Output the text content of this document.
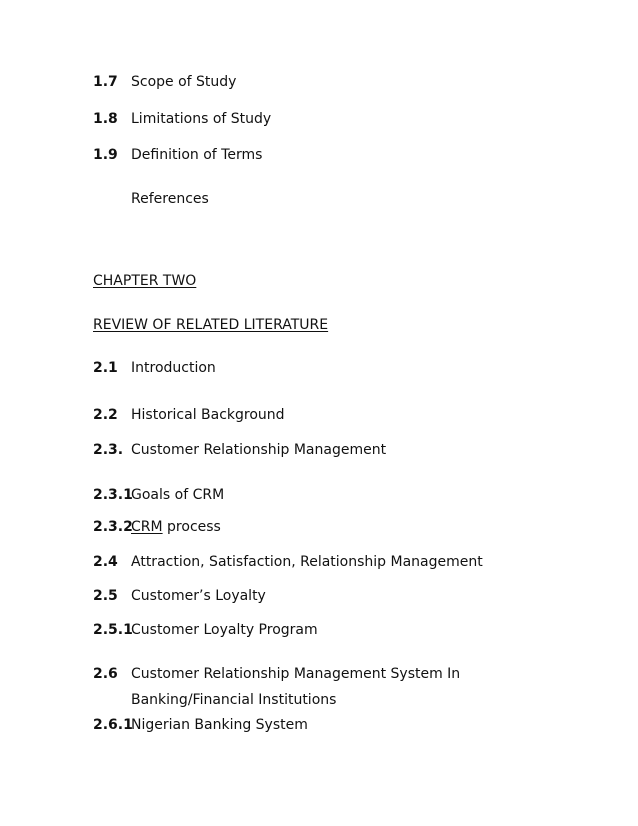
1.7 Scope of Study
1.8 Limitations of Study
1.9 Definition of Terms
References
CHAPTER TWO
REVIEW OF RELATED LITERATURE
2.1 Introduction
2.2 Historical Background
2.3. Customer Relationship Management
2.3.1Goals of CRM
2.3.2CRM process
2.4 Attraction, Satisfaction, Relationship Management
2.5 Customer’s Loyalty
2.5.1Customer Loyalty Program
2.6 Customer Relationship Management System In
Banking/Financial Institutions
2.6.1Nigerian Banking System
